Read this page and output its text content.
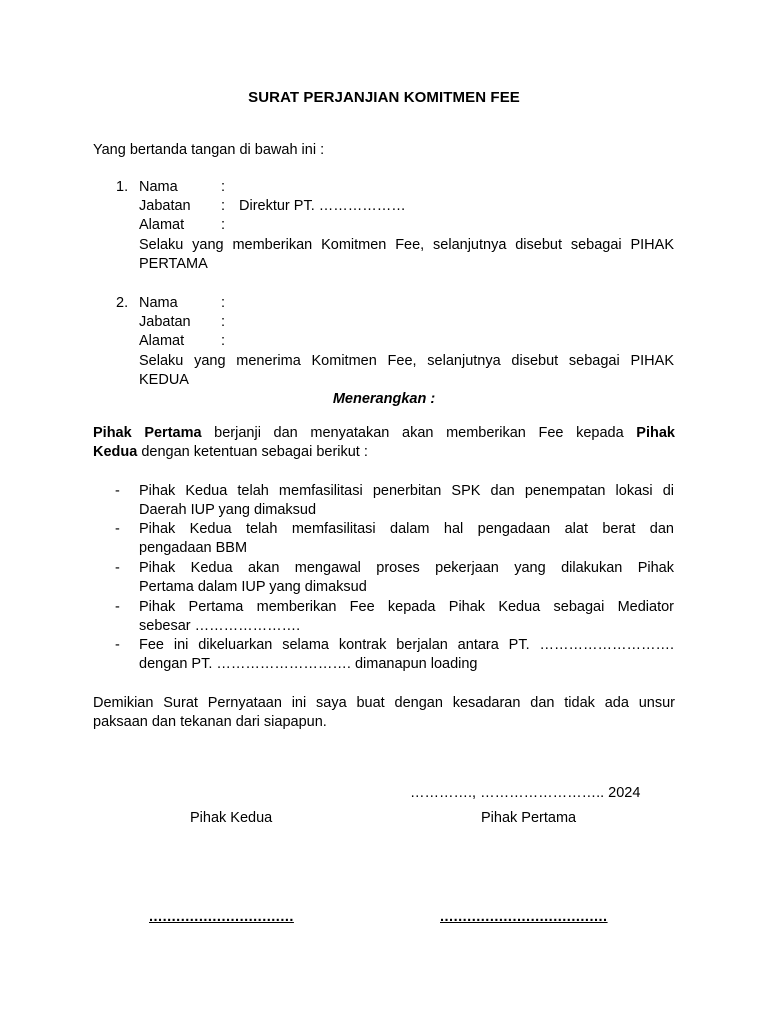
SURAT PERJANJIAN KOMITMEN FEE
Yang bertanda tangan di bawah ini :
1. Nama	:
Jabatan : Direktur PT. ………………
Alamat	:
Selaku yang memberikan Komitmen Fee, selanjutnya disebut sebagai PIHAK
PERTAMA
2. Nama	:
Jabatan :
Alamat	:
Selaku yang menerima Komitmen Fee, selanjutnya disebut sebagai PIHAK
KEDUA
Menerangkan :
Pihak Pertama berjanji dan menyatakan akan memberikan Fee kepada Pihak
Kedua dengan ketentuan sebagai berikut :
- Pihak Kedua telah memfasilitasi penerbitan SPK dan penempatan lokasi di
Daerah IUP yang dimaksud
- Pihak Kedua telah memfasilitasi dalam hal pengadaan alat berat dan
pengadaan BBM
- Pihak Kedua akan mengawal proses pekerjaan yang dilakukan Pihak
Pertama dalam IUP yang dimaksud
- Pihak Pertama memberikan Fee kepada Pihak Kedua sebagai Mediator
sebesar ………………….
- Fee ini dikeluarkan selama kontrak berjalan antara PT. ……………………….
dengan PT. ………………………. dimanapun loading
Demikian Surat Pernyataan ini saya buat dengan kesadaran dan tidak ada unsur
paksaan dan tekanan dari siapapun.
…………., …………………….. 2024
Pihak Kedua	Pihak Pertama
................................	.....................................
